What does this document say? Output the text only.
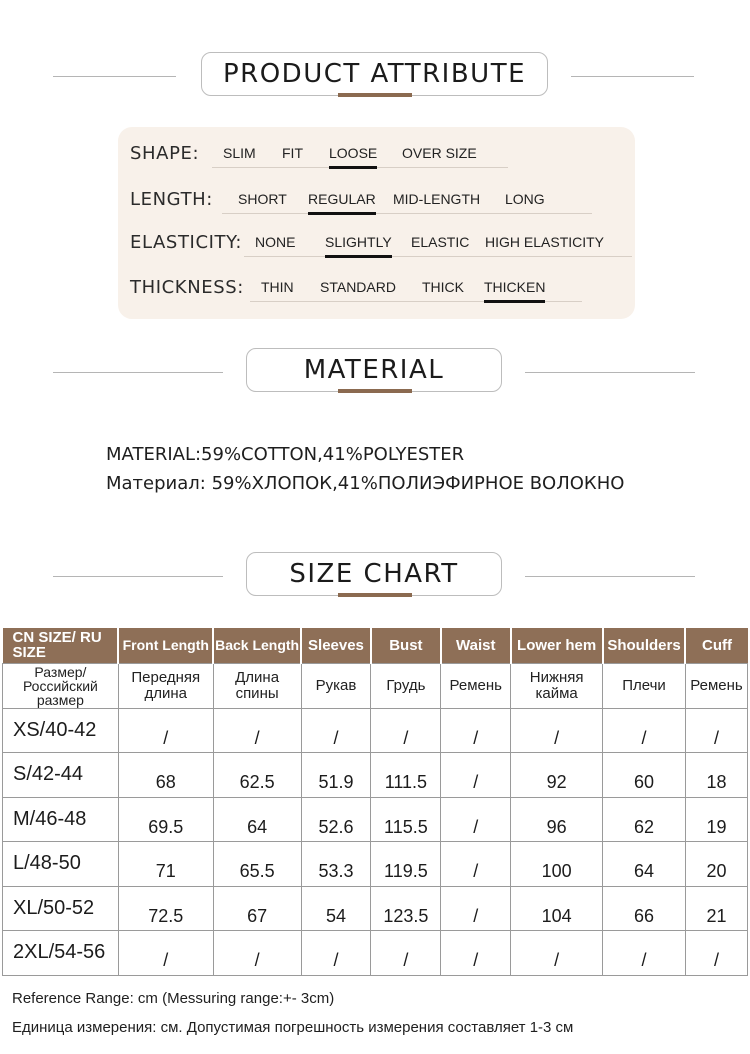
PRODUCT ATTRIBUTE
SHAPE: SLIM FIT LOOSE OVER SIZE
LENGTH: SHORT REGULAR MID-LENGTH LONG
ELASTICITY: NONE SLIGHTLY ELASTIC HIGH ELASTICITY
THICKNESS: THIN STANDARD THICK THICKEN
MATERIAL
MATERIAL:59%COTTON,41%POLYESTER
Материал: 59%ХЛОПОК,41%ПОЛИЭФИРНОЕ ВОЛОКНО
SIZE CHART
CN SIZE/ RU SIZE	Front Length	Back Length	Sleeves	Bust	Waist	Lower hem	Shoulders	Cuff
Размер/ Российский размер	Передняя длина	Длина спины	Рукав	Грудь	Ремень	Нижняя кайма	Плечи	Ремень
XS/40-42	/	/	/	/	/	/	/	/
S/42-44	68	62.5	51.9	111.5	/	92	60	18
M/46-48	69.5	64	52.6	115.5	/	96	62	19
L/48-50	71	65.5	53.3	119.5	/	100	64	20
XL/50-52	72.5	67	54	123.5	/	104	66	21
2XL/54-56	/	/	/	/	/	/	/	/
Reference Range: cm (Messuring range:+- 3cm)
Единица измерения: см. Допустимая погрешность измерения составляет 1-3 см
